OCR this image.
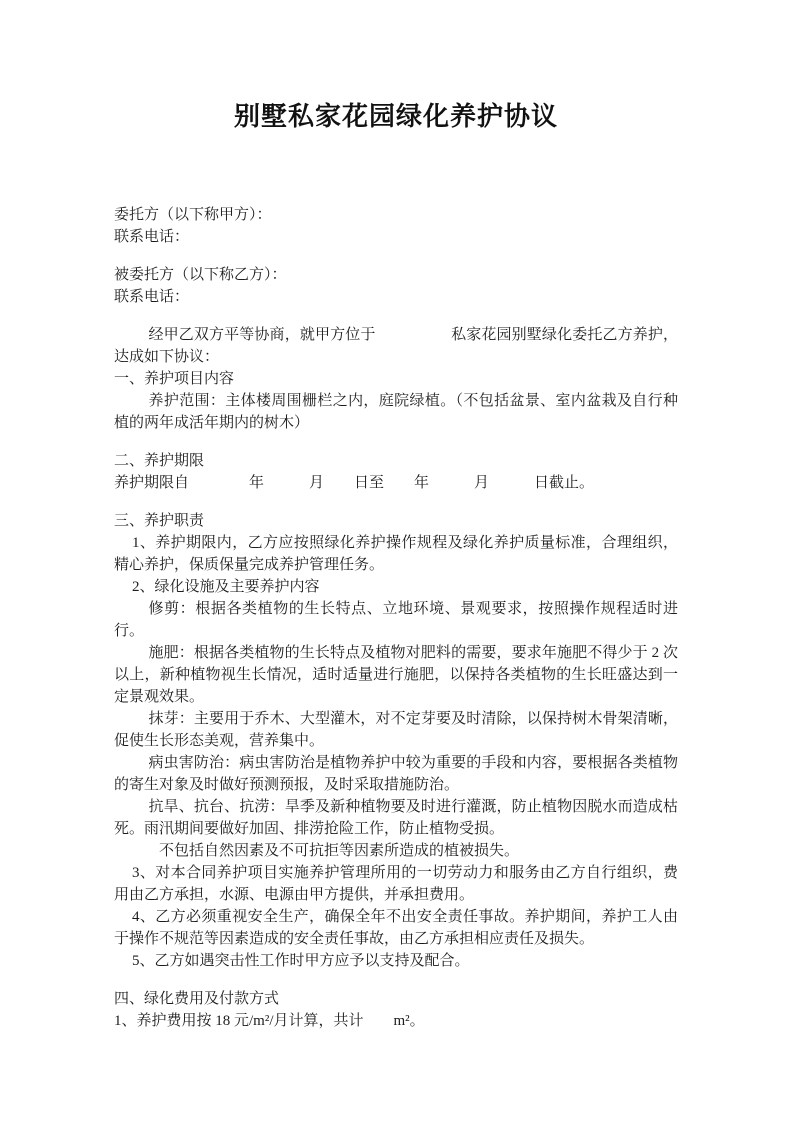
别墅私家花园绿化养护协议

委托方（以下称甲方）：

联系电话：

被委托方（以下称乙方）：

联系电话：

经甲乙双方平等协商，就甲方位于　　　　　私家花园别墅绿化委托乙方养护，达成如下协议：

一、养护项目内容

养护范围：主体楼周围栅栏之内，庭院绿植。（不包括盆景、室内盆栽及自行种植的两年成活年期内的树木）

二、养护期限

养护期限自　　　　年　　　月　　日至　　年　　　月　　　日截止。

三、养护职责

1、养护期限内，乙方应按照绿化养护操作规程及绿化养护质量标准，合理组织，精心养护，保质保量完成养护管理任务。

2、绿化设施及主要养护内容

修剪：根据各类植物的生长特点、立地环境、景观要求，按照操作规程适时进行。

施肥：根据各类植物的生长特点及植物对肥料的需要，要求年施肥不得少于 2 次以上，新种植物视生长情况，适时适量进行施肥，以保持各类植物的生长旺盛达到一定景观效果。

抹芽：主要用于乔木、大型灌木，对不定芽要及时清除，以保持树木骨架清晰，促使生长形态美观，营养集中。

病虫害防治：病虫害防治是植物养护中较为重要的手段和内容，要根据各类植物的寄生对象及时做好预测预报，及时采取措施防治。

抗旱、抗台、抗涝：旱季及新种植物要及时进行灌溉，防止植物因脱水而造成枯死。雨汛期间要做好加固、排涝抢险工作，防止植物受损。

不包括自然因素及不可抗拒等因素所造成的植被损失。

3、对本合同养护项目实施养护管理所用的一切劳动力和服务由乙方自行组织，费用由乙方承担，水源、电源由甲方提供，并承担费用。

4、乙方必须重视安全生产，确保全年不出安全责任事故。养护期间，养护工人由于操作不规范等因素造成的安全责任事故，由乙方承担相应责任及损失。

5、乙方如遇突击性工作时甲方应予以支持及配合。

四、绿化费用及付款方式

1、养护费用按 18 元/m²/月计算，共计　　m²。
